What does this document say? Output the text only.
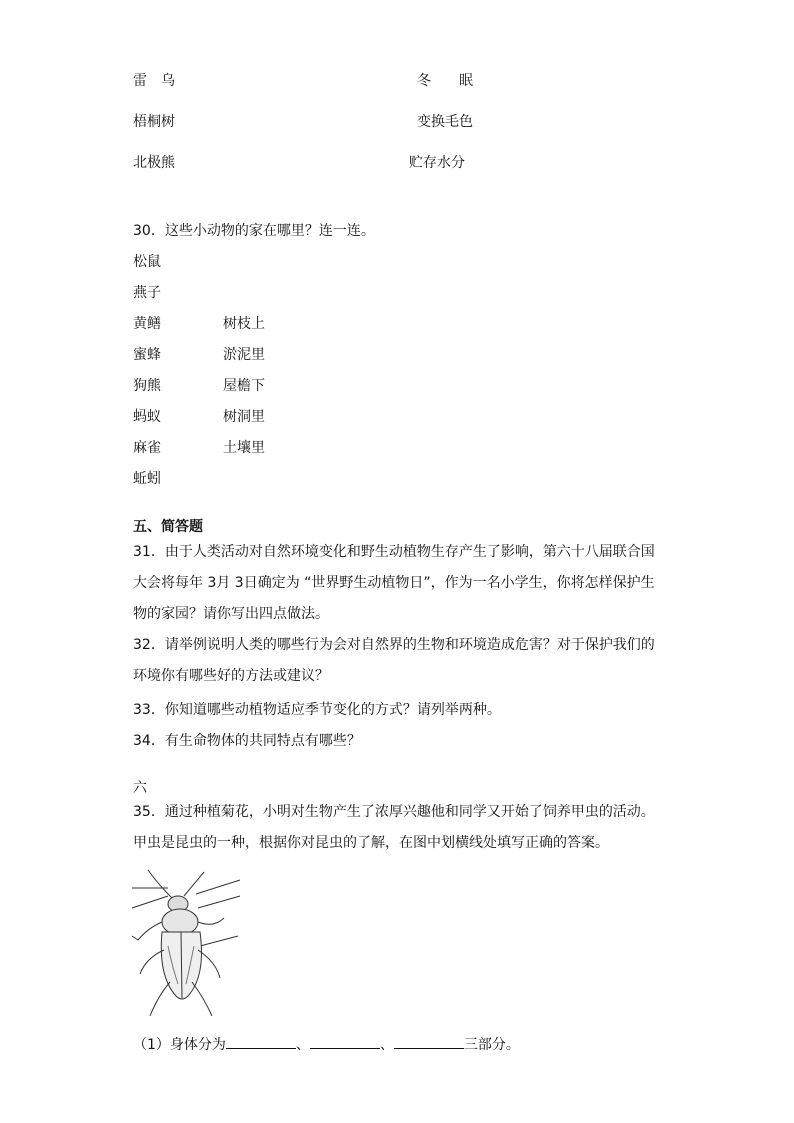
雷　乌	冬　　眠
梧桐树	变换毛色
北极熊	贮存水分
30．这些小动物的家在哪里？连一连。
松鼠
燕子
黄鳝	树枝上
蜜蜂	淤泥里
狗熊	屋檐下
蚂蚁	树洞里
麻雀	土壤里
蚯蚓
五、简答题
31．由于人类活动对自然环境变化和野生动植物生存产生了影响，第六十八届联合国大会将每年 3月 3日确定为 “世界野生动植物日”，作为一名小学生，你将怎样保护生物的家园？请你写出四点做法。
32．请举例说明人类的哪些行为会对自然界的生物和环境造成危害？对于保护我们的环境你有哪些好的方法或建议？
33．你知道哪些动植物适应季节变化的方式？请列举两种。
34．有生命物体的共同特点有哪些？
六
35．通过种植菊花，小明对生物产生了浓厚兴趣他和同学又开始了饲养甲虫的活动。甲虫是昆虫的一种，根据你对昆虫的了解，在图中划横线处填写正确的答案。
（1）身体分为	、	、	三部分。
